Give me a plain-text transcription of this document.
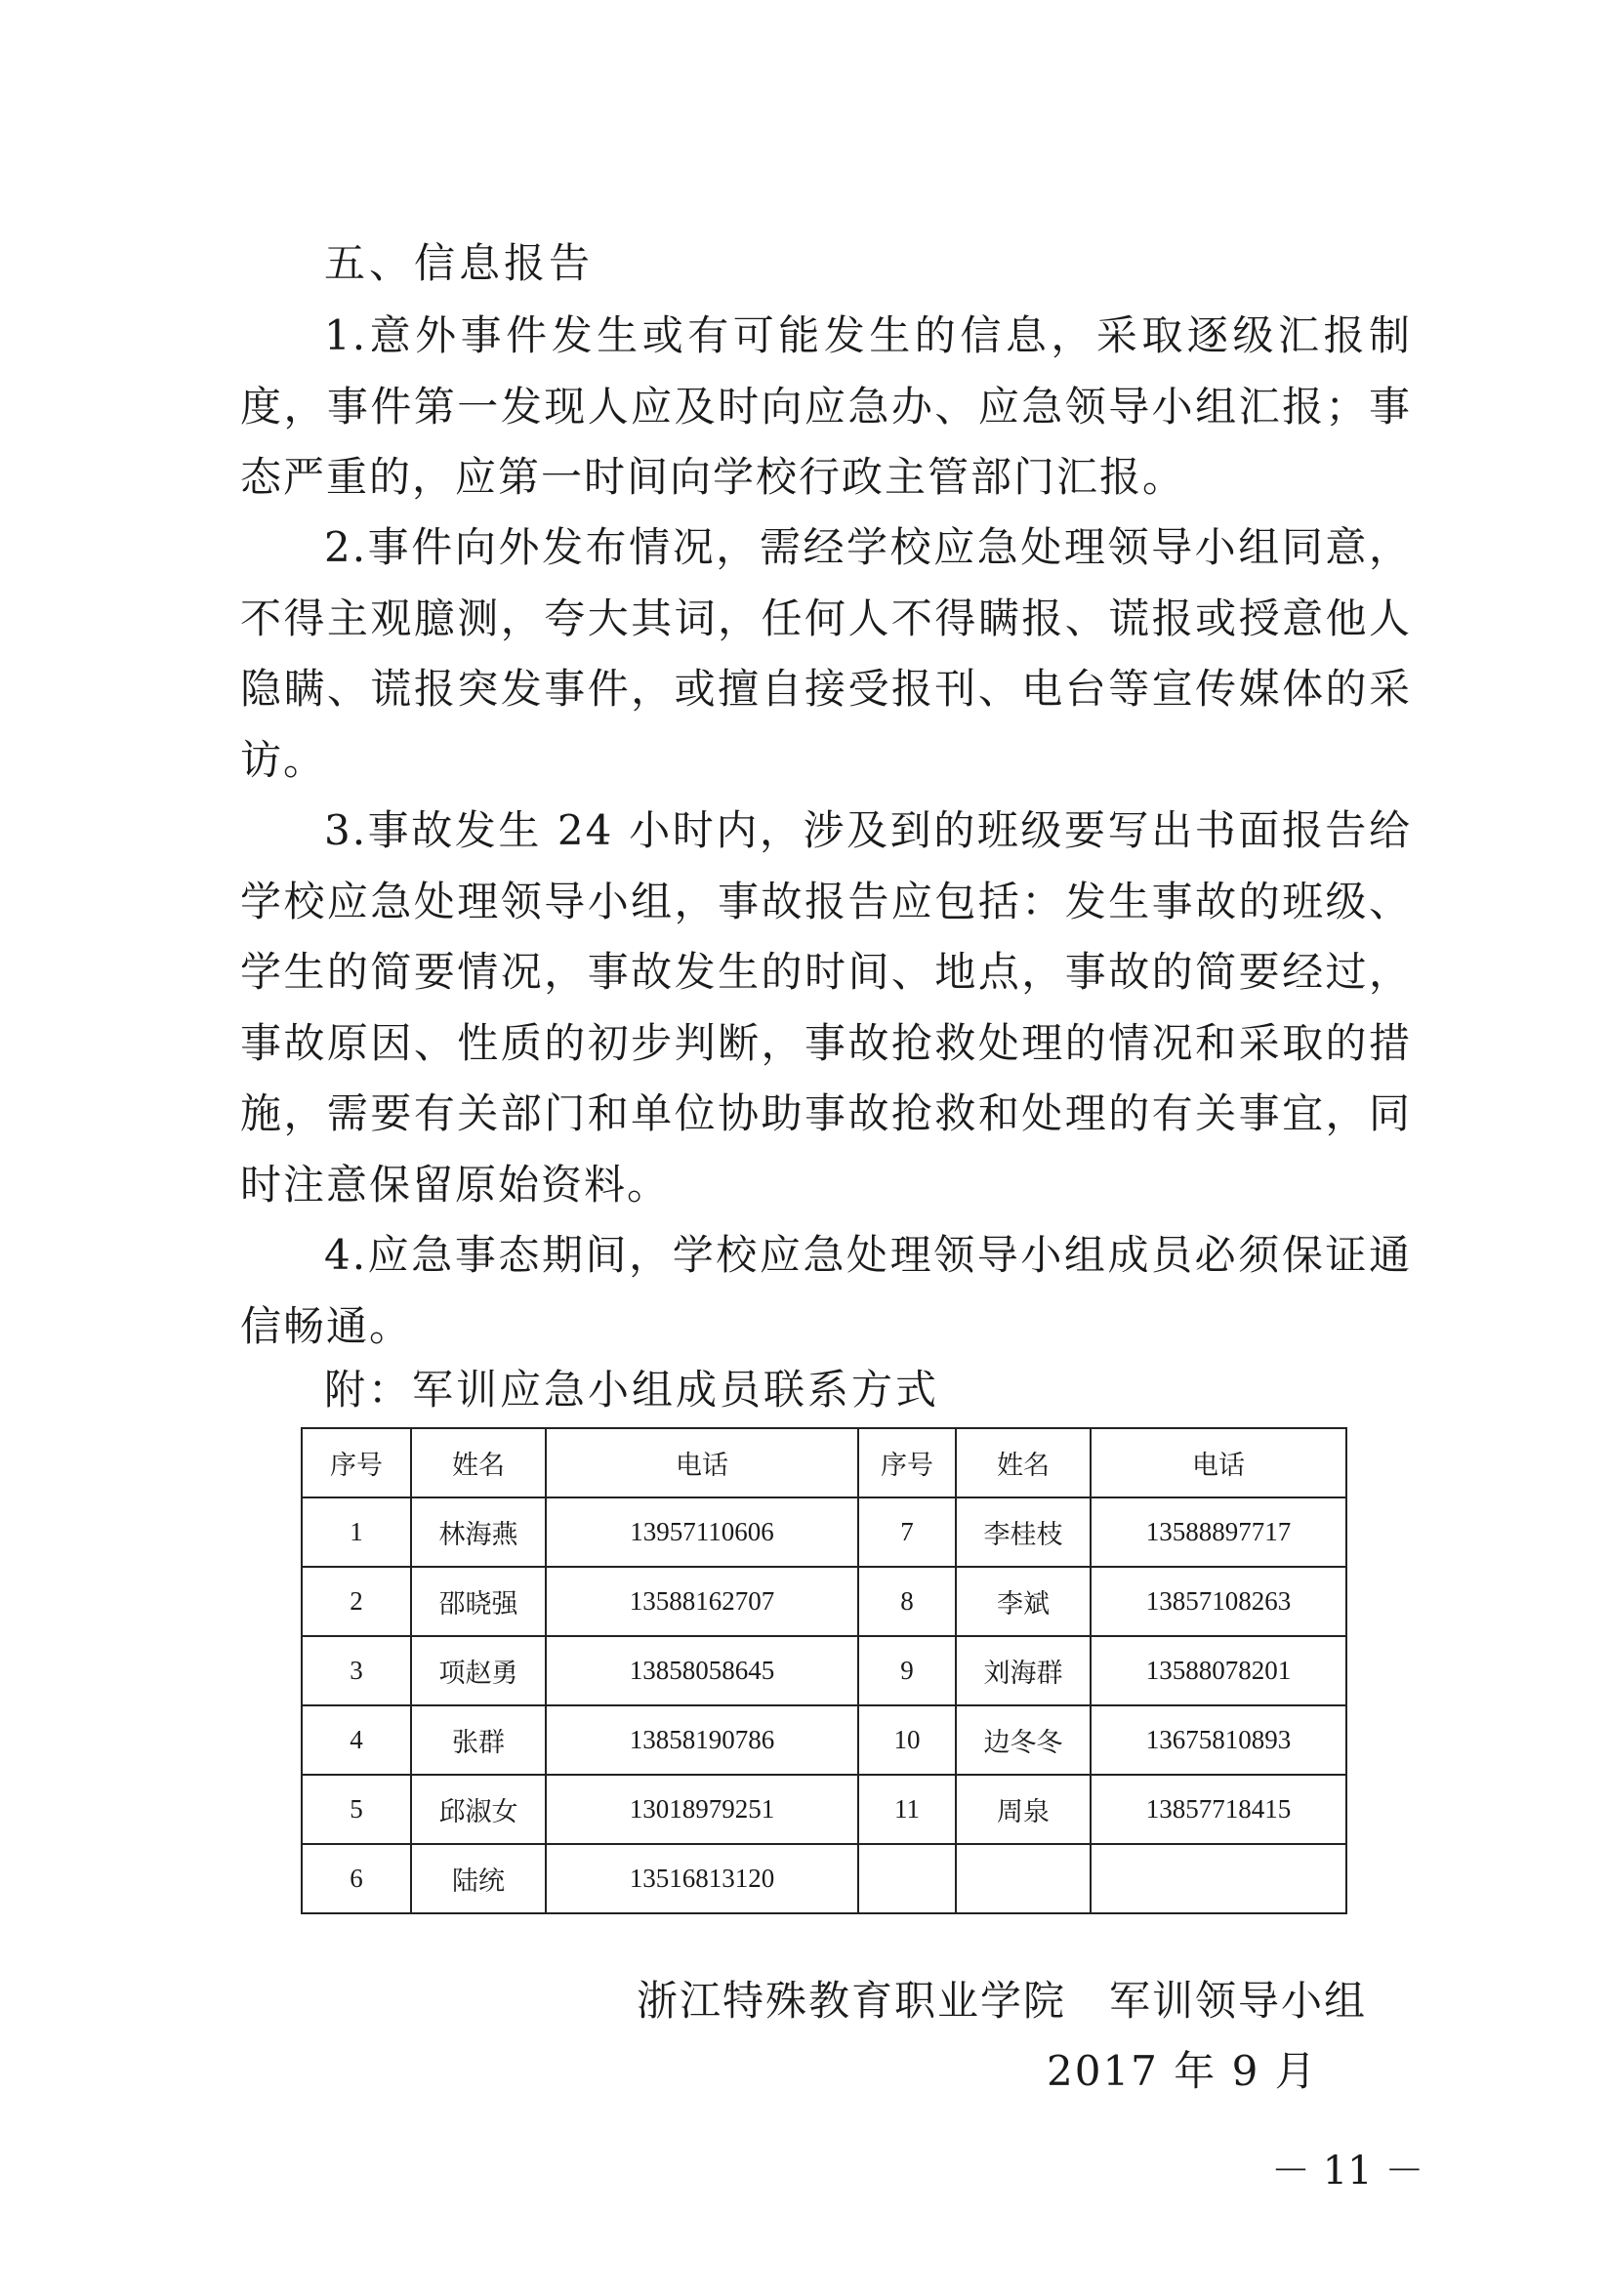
五、信息报告

1.意外事件发生或有可能发生的信息，采取逐级汇报制度，事件第一发现人应及时向应急办、应急领导小组汇报；事态严重的，应第一时间向学校行政主管部门汇报。

2.事件向外发布情况，需经学校应急处理领导小组同意，不得主观臆测，夸大其词，任何人不得瞒报、谎报或授意他人隐瞒、谎报突发事件，或擅自接受报刊、电台等宣传媒体的采访。

3.事故发生 24 小时内，涉及到的班级要写出书面报告给学校应急处理领导小组，事故报告应包括：发生事故的班级、学生的简要情况，事故发生的时间、地点，事故的简要经过，事故原因、性质的初步判断，事故抢救处理的情况和采取的措施，需要有关部门和单位协助事故抢救和处理的有关事宜，同时注意保留原始资料。

4.应急事态期间，学校应急处理领导小组成员必须保证通信畅通。

附：军训应急小组成员联系方式
序号	姓名	电话	序号	姓名	电话
1	林海燕	13957110606	7	李桂枝	13588897717
2	邵晓强	13588162707	8	李斌	13857108263
3	项赵勇	13858058645	9	刘海群	13588078201
4	张群	13858190786	10	边冬冬	13675810893
5	邱淑女	13018979251	11	周泉	13857718415
6	陆统	13516813120			
浙江特殊教育职业学院　军训领导小组
2017 年 9 月
－ 11 －
